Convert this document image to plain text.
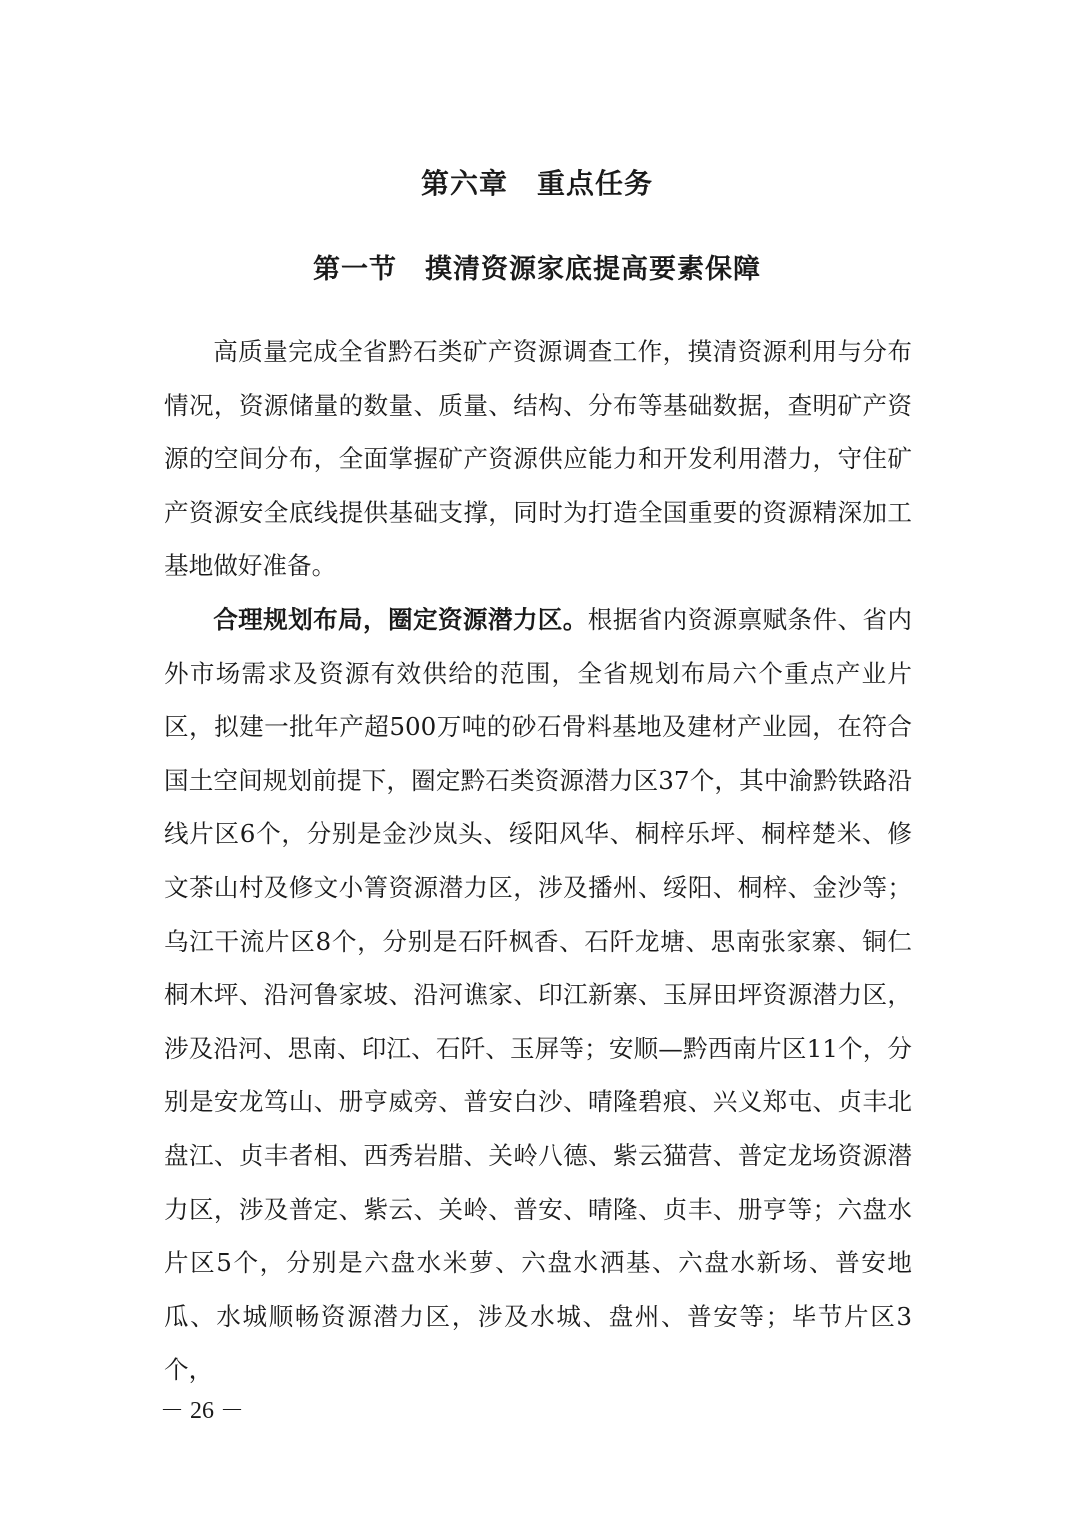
第六章　重点任务
第一节　摸清资源家底提高要素保障

高质量完成全省黔石类矿产资源调查工作，摸清资源利用与分布情况，资源储量的数量、质量、结构、分布等基础数据，查明矿产资源的空间分布，全面掌握矿产资源供应能力和开发利用潜力，守住矿产资源安全底线提供基础支撑，同时为打造全国重要的资源精深加工基地做好准备。

合理规划布局，圈定资源潜力区。根据省内资源禀赋条件、省内外市场需求及资源有效供给的范围，全省规划布局六个重点产业片区，拟建一批年产超500万吨的砂石骨料基地及建材产业园，在符合国土空间规划前提下，圈定黔石类资源潜力区37个，其中渝黔铁路沿线片区6个，分别是金沙岚头、绥阳风华、桐梓乐坪、桐梓楚米、修文茶山村及修文小箐资源潜力区，涉及播州、绥阳、桐梓、金沙等；乌江干流片区8个，分别是石阡枫香、石阡龙塘、思南张家寨、铜仁桐木坪、沿河鲁家坡、沿河谯家、印江新寨、玉屏田坪资源潜力区，涉及沿河、思南、印江、石阡、玉屏等；安顺—黔西南片区11个，分别是安龙笃山、册亨威旁、普安白沙、晴隆碧痕、兴义郑屯、贞丰北盘江、贞丰者相、西秀岩腊、关岭八德、紫云猫营、普定龙场资源潜力区，涉及普定、紫云、关岭、普安、晴隆、贞丰、册亨等；六盘水片区5个，分别是六盘水米萝、六盘水洒基、六盘水新场、普安地瓜、水城顺畅资源潜力区，涉及水城、盘州、普安等；毕节片区3个，

－ 26 －
